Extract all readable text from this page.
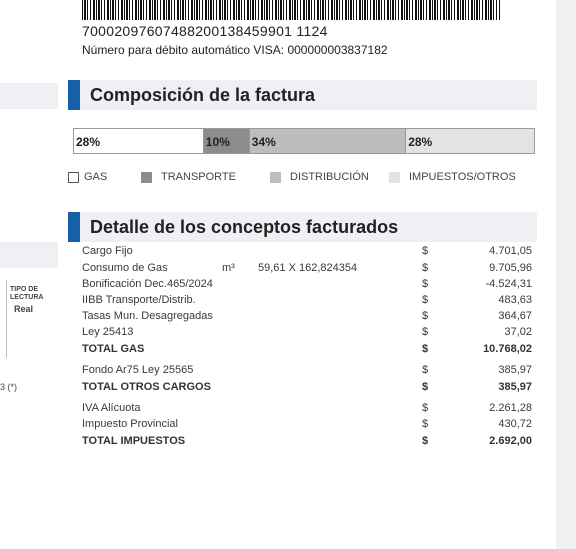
TIPO DE LECTURA
Real
3 (*)
70002097607488200138459901 1124
Número para débito automático VISA: 000000003837182
Composición de la factura
28%	10%	34%	28%
GAS	TRANSPORTE	DISTRIBUCIÓN	IMPUESTOS/OTROS
Detalle de los conceptos facturados
Cargo Fijo	$	4.701,05
Consumo de Gas	m³ 59,61 X 162,824354	$	9.705,96
Bonificación Dec.465/2024	$	-4.524,31
IIBB Transporte/Distrib.	$	483,63
Tasas Mun. Desagregadas	$	364,67
Ley 25413	$	37,02
TOTAL GAS	$	10.768,02
Fondo Ar75 Ley 25565	$	385,97
TOTAL OTROS CARGOS	$	385,97
IVA Alícuota	$	2.261,28
Impuesto Provincial	$	430,72
TOTAL IMPUESTOS	$	2.692,00
